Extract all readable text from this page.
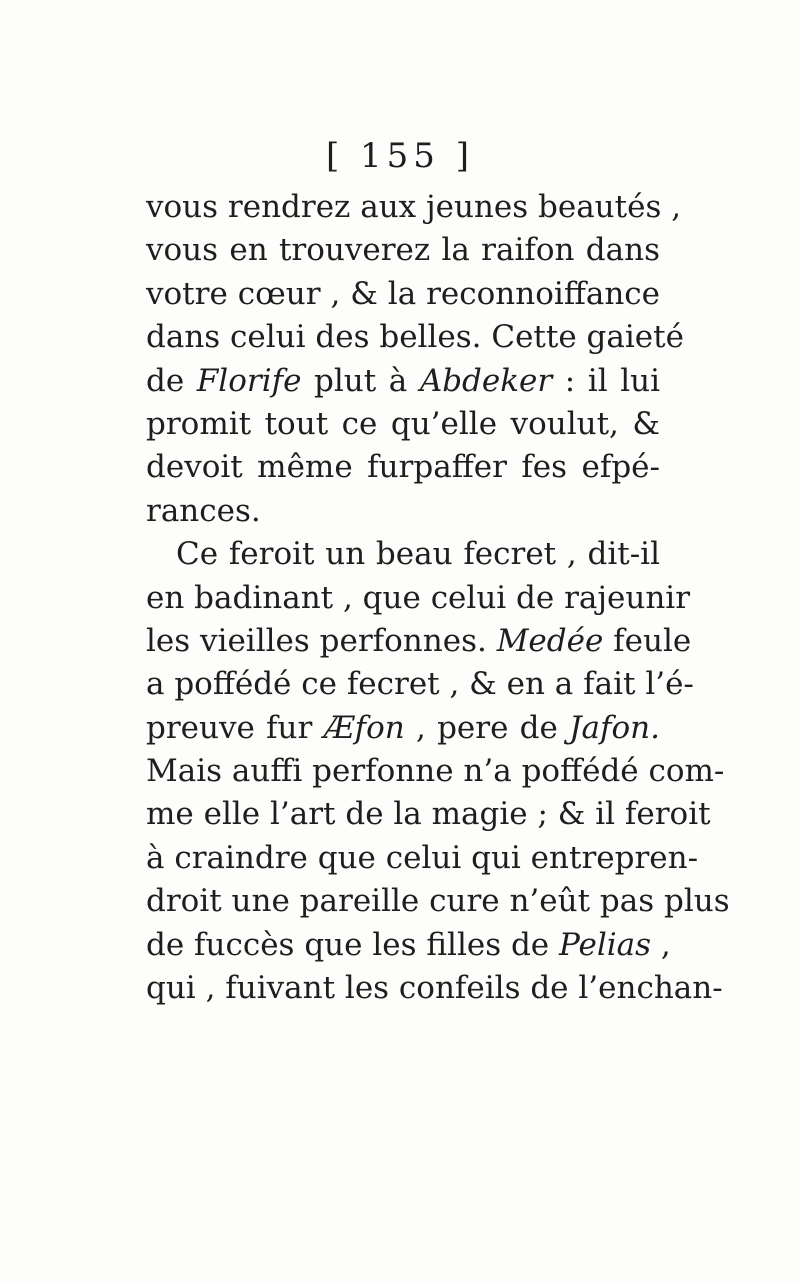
[ 155 ]
vous rendrez aux jeunes beautés ,
vous en trouverez la raifon dans
votre cœur , & la reconnoiffance
dans celui des belles. Cette gaieté
de Florife plut à Abdeker : il lui
promit tout ce qu’elle voulut, &
devoit même furpaffer fes efpé-
rances.
Ce feroit un beau fecret , dit-il
en badinant , que celui de rajeunir
les vieilles perfonnes. Medée feule
a poffédé ce fecret , & en a fait l’é-
preuve fur Æfon , pere de Jafon.
Mais auffi perfonne n’a poffédé com-
me elle l’art de la magie ; & il feroit
à craindre que celui qui entrepren-
droit une pareille cure n’eût pas plus
de fuccès que les filles de Pelias ,
qui , fuivant les confeils de l’enchan-
